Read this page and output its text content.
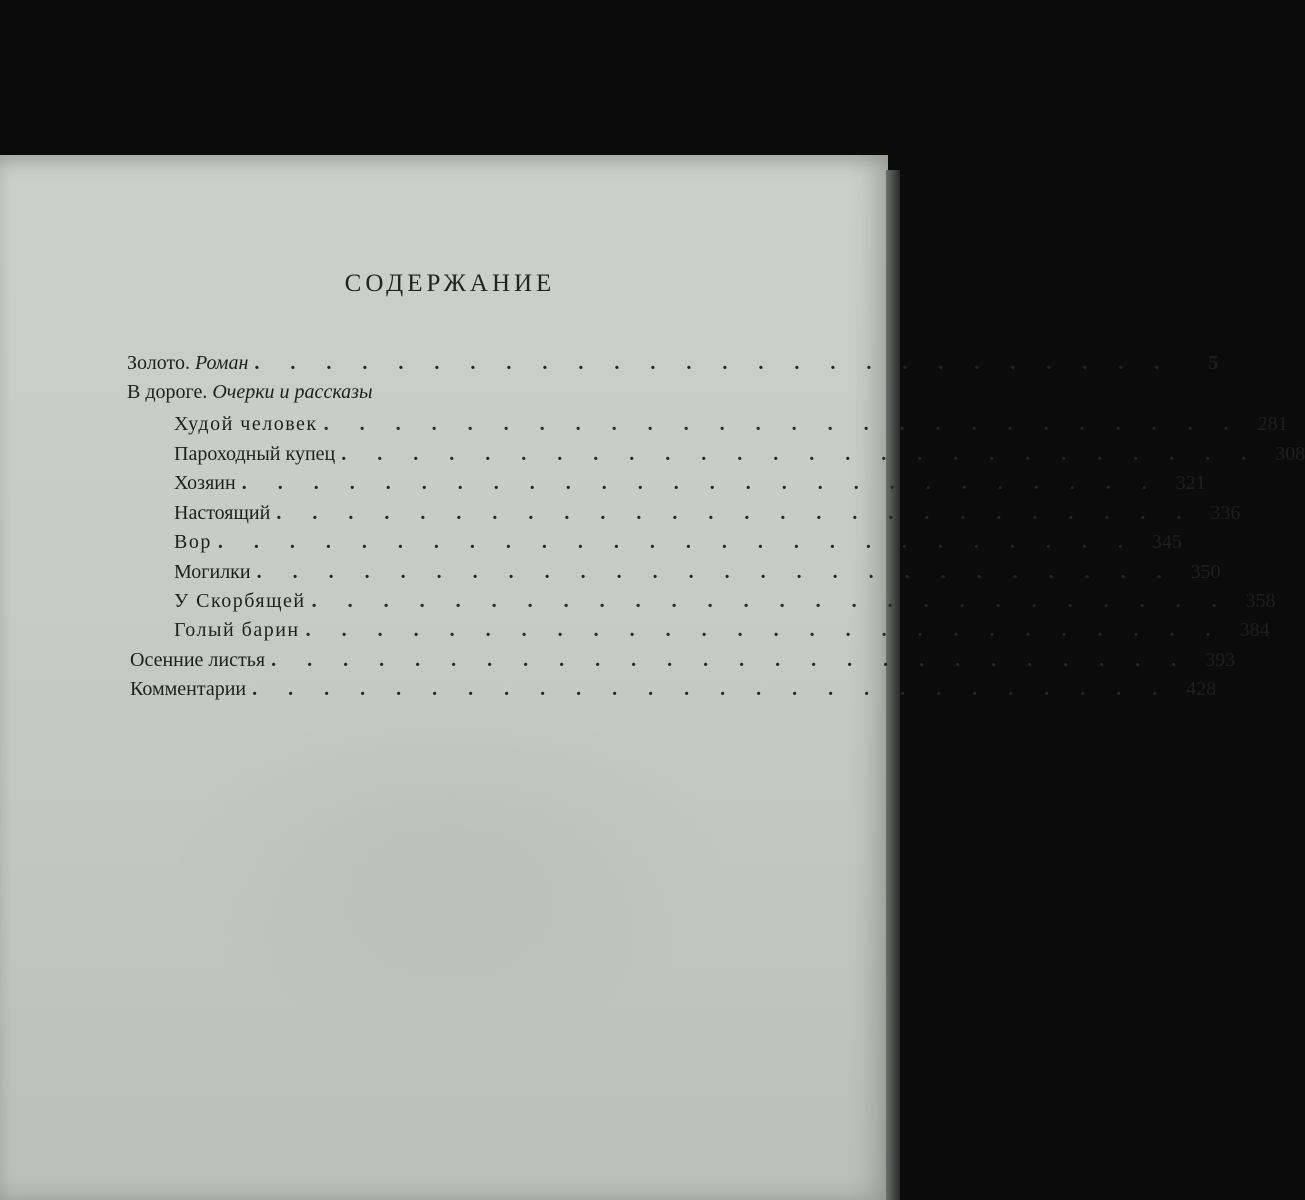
СОДЕРЖАНИЕ
Золото. Роман . . . . . . . . . . . . . . . . . . . . . . . . . .	5
В дороге. Очерки и рассказы
Худой человек . . . . . . . . . . . . . . . . . . . . . . . . . . 281
Пароходный купец . . . . . . . . . . . . . . . . . . . . . . . . . . 308
Хозяин . . . . . . . . . . . . . . . . . . . . . . . . . . 321
Настоящий . . . . . . . . . . . . . . . . . . . . . . . . . . 336
Вор . . . . . . . . . . . . . . . . . . . . . . . . . . 345
Могилки . . . . . . . . . . . . . . . . . . . . . . . . . . 350
У Скорбящей . . . . . . . . . . . . . . . . . . . . . . . . . . 358
Голый барин . . . . . . . . . . . . . . . . . . . . . . . . . . 384
Осенние листья . . . . . . . . . . . . . . . . . . . . . . . . . . 393
Комментарии . . . . . . . . . . . . . . . . . . . . . . . . . . 428
